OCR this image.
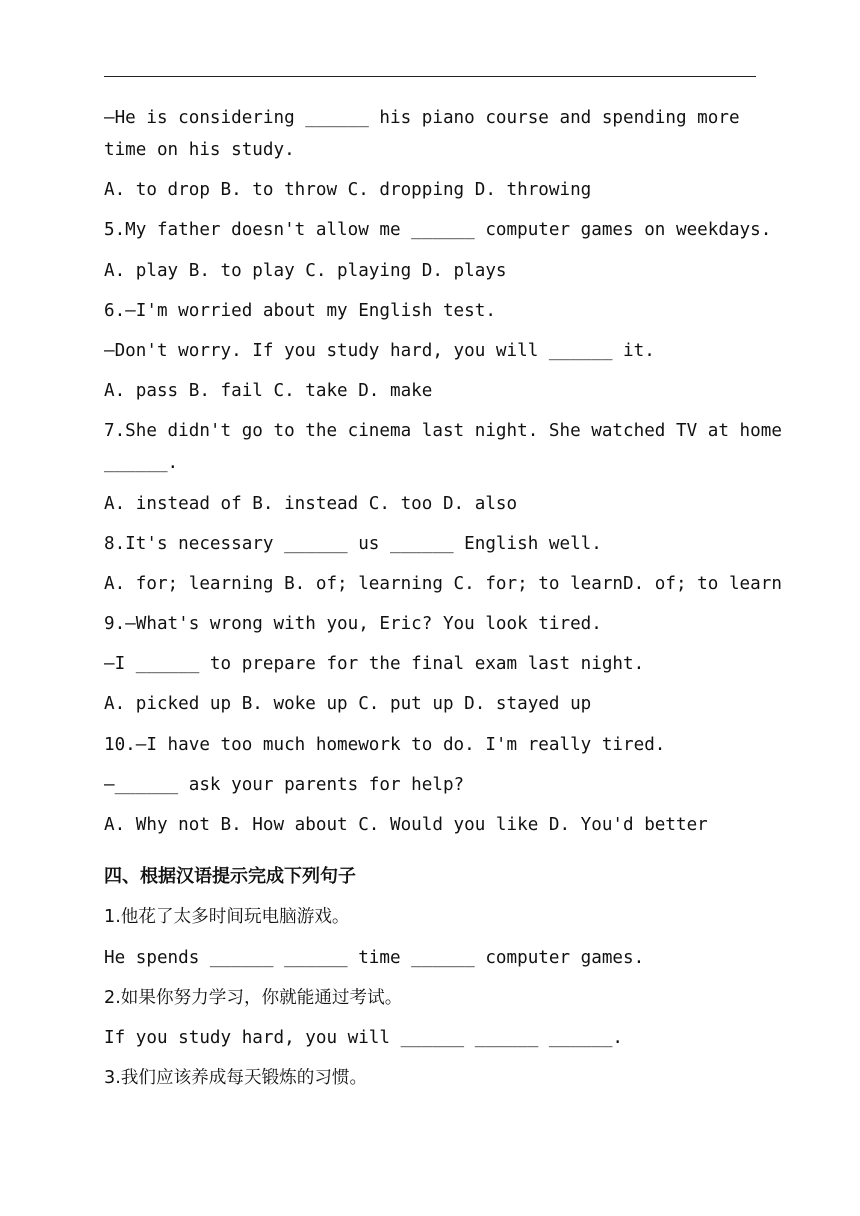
—He is considering ______ his piano course and spending more
time on his study.
A. to drop B. to throw C. dropping D. throwing
5.My father doesn't allow me ______ computer games on weekdays.
A. play B. to play C. playing D. plays
6.—I'm worried about my English test.
—Don't worry. If you study hard, you will ______ it.
A. pass B. fail C. take D. make
7.She didn't go to the cinema last night. She watched TV at home
______.
A. instead of B. instead C. too D. also
8.It's necessary ______ us ______ English well.
A. for; learning B. of; learning C. for; to learnD. of; to learn
9.—What's wrong with you, Eric? You look tired.
—I ______ to prepare for the final exam last night.
A. picked up B. woke up C. put up D. stayed up
10.—I have too much homework to do. I'm really tired.
—______ ask your parents for help?
A. Why not B. How about C. Would you like D. You'd better
四、根据汉语提示完成下列句子
1.他花了太多时间玩电脑游戏。
He spends ______ ______ time ______ computer games.
2.如果你努力学习，你就能通过考试。
If you study hard, you will ______ ______ ______.
3.我们应该养成每天锻炼的习惯。
